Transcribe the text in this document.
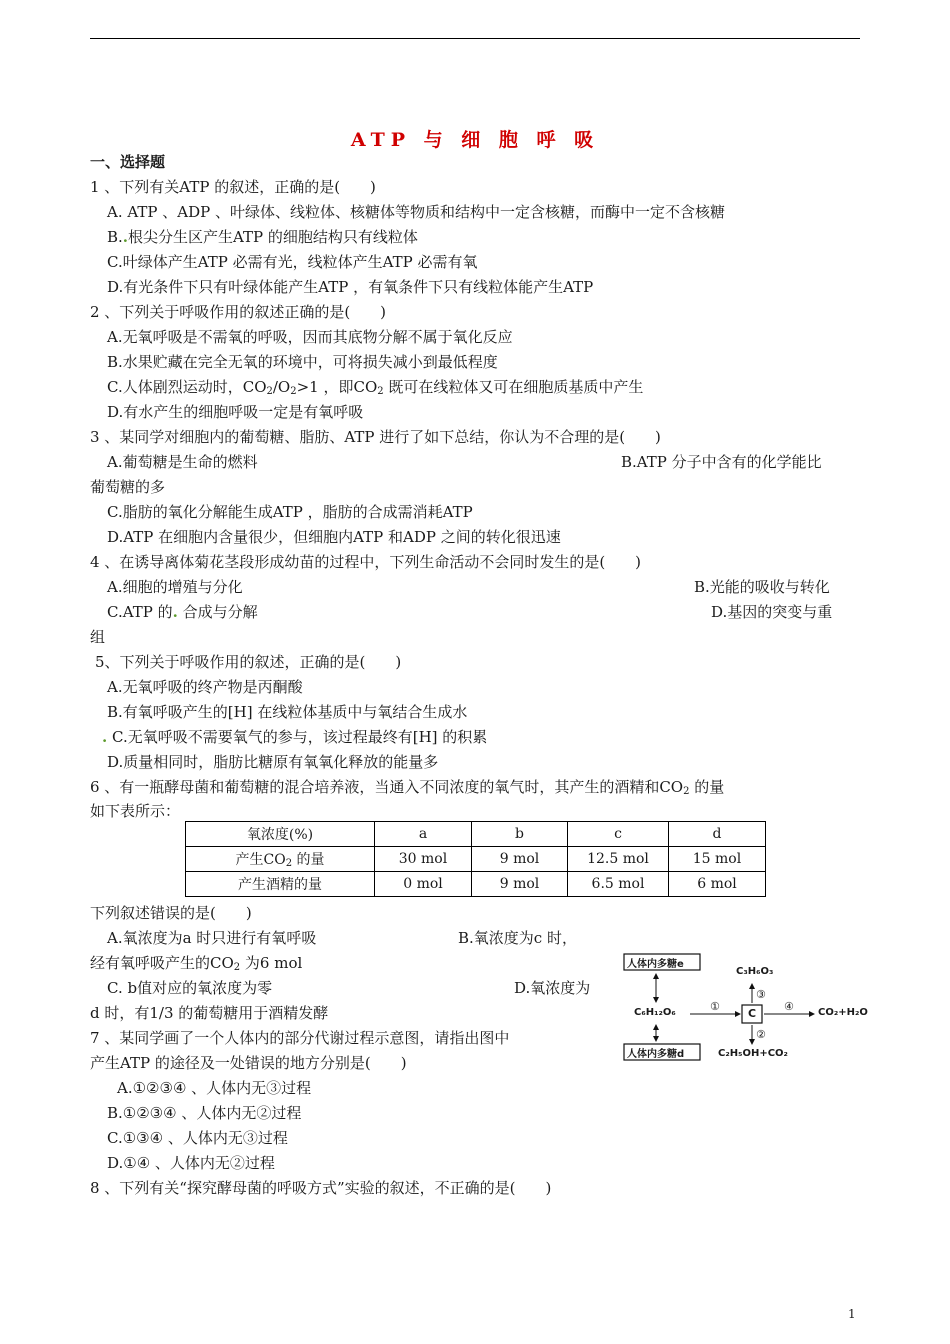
ATP 与 细 胞 呼 吸
一、选择题
1 、下列有关ATP 的叙述，正确的是(　　)
A. ATP 、ADP 、叶绿体、线粒体、核糖体等物质和结构中一定含核糖，而酶中一定不含核糖
B..根尖分生区产生ATP 的细胞结构只有线粒体
C.叶绿体产生ATP 必需有光，线粒体产生ATP 必需有氧
D.有光条件下只有叶绿体能产生ATP ，有氧条件下只有线粒体能产生ATP
2 、下列关于呼吸作用的叙述正确的是(　　)
A.无氧呼吸是不需氧的呼吸，因而其底物分解不属于氧化反应
B.水果贮藏在完全无氧的环境中，可将损失减小到最低程度
C.人体剧烈运动时，$CO_2/O_2>1$ ，即$CO_2$ 既可在线粒体又可在细胞质基质中产生
D.有水产生的细胞呼吸一定是有氧呼吸
3 、某同学对细胞内的葡萄糖、脂肪、ATP 进行了如下总结，你认为不合理的是(　　)
A.葡萄糖是生命的燃料	B.ATP 分子中含有的化学能比
葡萄糖的多
C.脂肪的氧化分解能生成ATP ，脂肪的合成需消耗ATP
D.ATP 在细胞内含量很少，但细胞内ATP 和ADP 之间的转化很迅速
4 、在诱导离体菊花茎段形成幼苗的过程中，下列生命活动不会同时发生的是(　　)
A.细胞的增殖与分化	B.光能的吸收与转化
C.ATP 的. 合成与分解	D.基因的突变与重
组
5、下列关于呼吸作用的叙述，正确的是(　　)
A.无氧呼吸的终产物是丙酮酸
B.有氧呼吸产生的[H] 在线粒体基质中与氧结合生成水
. C.无氧呼吸不需要氧气的参与，该过程最终有[H] 的积累
D.质量相同时，脂肪比糖原有氧氧化释放的能量多
6 、有一瓶酵母菌和葡萄糖的混合培养液，当通入不同浓度的氧气时，其产生的酒精和$CO_2$ 的量
如下表所示：
氧浓度(%)	a	b	c	d
产生$CO_2$ 的量	30 mol	9 mol	12.5 mol	15 mol
产生酒精的量	0 mol	9 mol	6.5 mol	6 mol
下列叙述错误的是(　　)
A.氧浓度为a 时只进行有氧呼吸	B.氧浓度为c 时，
经有氧呼吸产生的$CO_2$ 为6 mol
C. b值对应的氧浓度为零	D.氧浓度为
d 时，有1/3 的葡萄糖用于酒精发酵
7 、某同学画了一个人体内的部分代谢过程示意图，请指出图中
产生ATP 的途径及一处错误的地方分别是(　　)
A.①②③④ 、人体内无③过程
B.①②③④ 、人体内无②过程
C.①③④ 、人体内无③过程
D.①④ 、人体内无②过程
8 、下列有关“探究酵母菌的呼吸方式”实验的叙述，不正确的是(　　)
人体内多糖e
人体内多糖d
C₆H₁₂O₆	C
C₃H₆O₃
C₂H₅OH+CO₂
CO₂+H₂O
①
②
③
④
1
